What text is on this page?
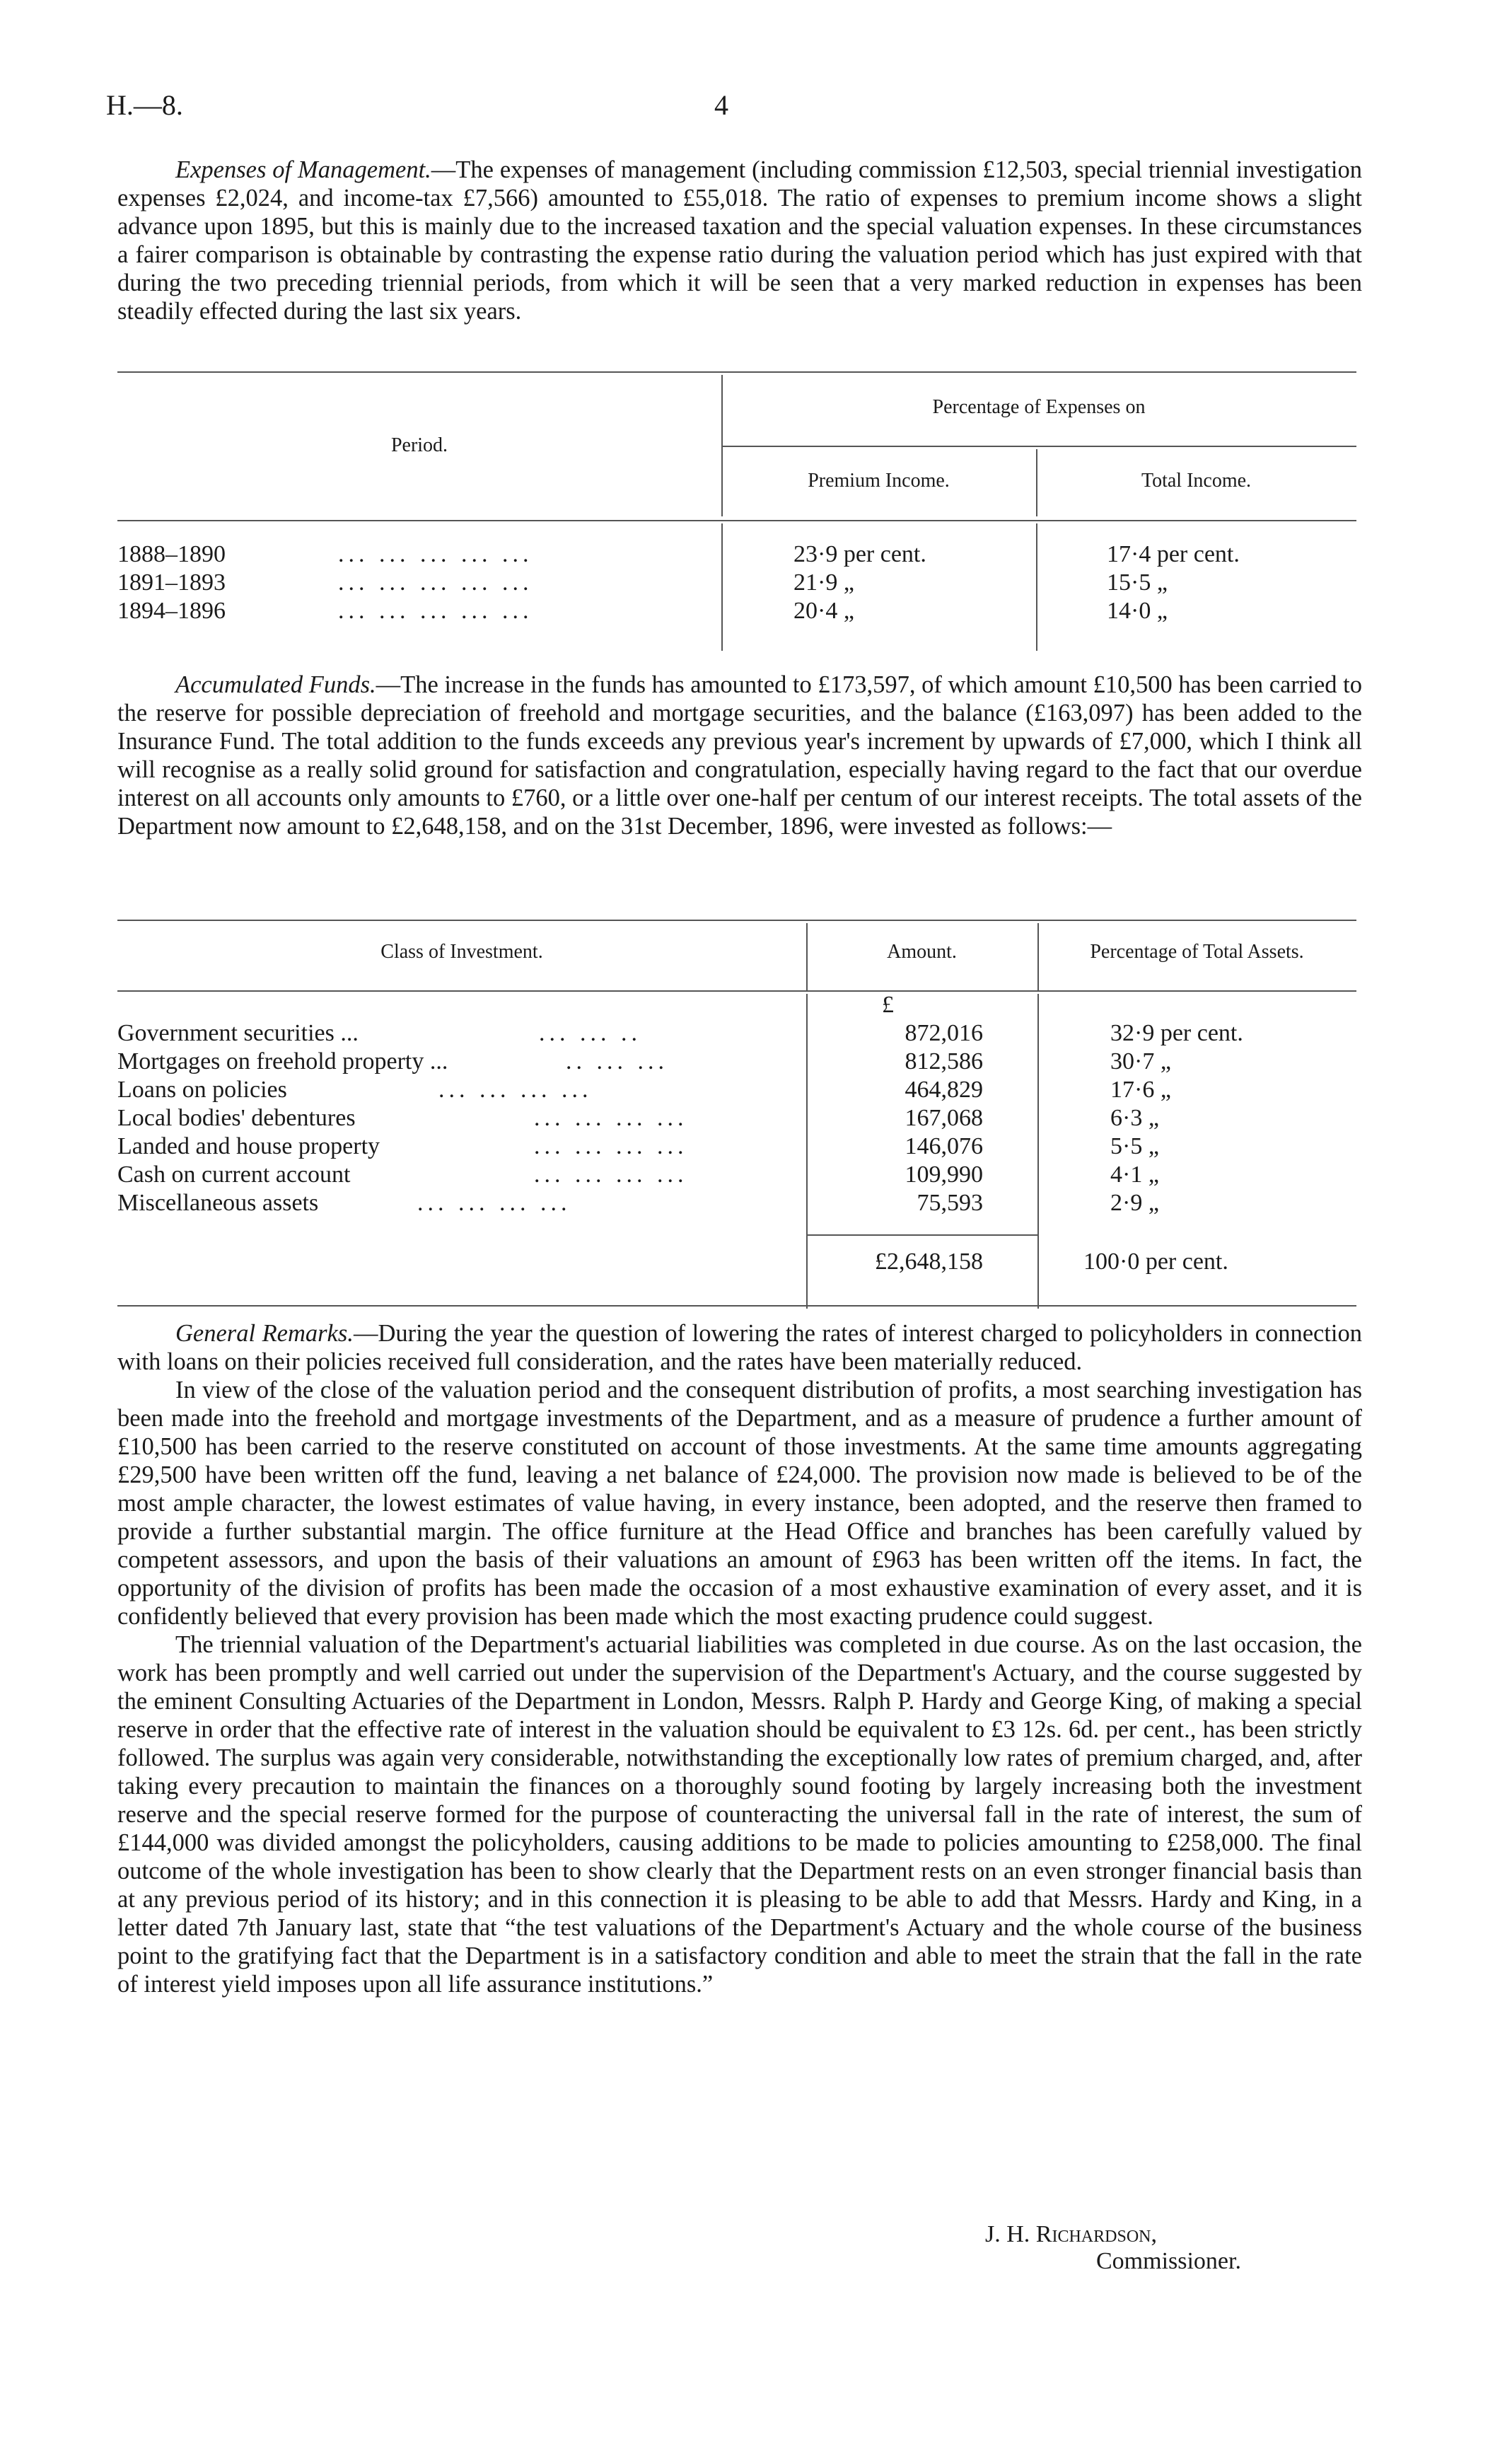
H.—8.	4

Expenses of Management.—The expenses of management (including commission £12,503, special triennial investigation expenses £2,024, and income-tax £7,566) amounted to £55,018. The ratio of expenses to premium income shows a slight advance upon 1895, but this is mainly due to the increased taxation and the special valuation expenses. In these circumstances a fairer comparison is obtainable by contrasting the expense ratio during the valuation period which has just expired with that during the two preceding triennial periods, from which it will be seen that a very marked reduction in expenses has been steadily effected during the last six years.

Period.
Percentage of Expenses on
Premium Income.	Total Income.
1888–1890	... ... ... ... ...	23·9 per cent.	17·4 per cent.
1891–1893	... ... ... ... ...	21·9 „	15·5 „
1894–1896	... ... ... ... ...	20·4 „	14·0 „

Accumulated Funds.—The increase in the funds has amounted to £173,597, of which amount £10,500 has been carried to the reserve for possible depreciation of freehold and mortgage securities, and the balance (£163,097) has been added to the Insurance Fund. The total addition to the funds exceeds any previous year's increment by upwards of £7,000, which I think all will recognise as a really solid ground for satisfaction and congratulation, especially having regard to the fact that our overdue interest on all accounts only amounts to £760, or a little over one-half per centum of our interest receipts. The total assets of the Department now amount to £2,648,158, and on the 31st December, 1896, were invested as follows:—

Class of Investment.	Amount.	Percentage of Total Assets.
£
Government securities ...	... ... ..	872,016	32·9 per cent.
Mortgages on freehold property ...	.. ... ...	812,586	30·7 „
Loans on policies	... ... ... ...	464,829	17·6 „
Local bodies' debentures	... ... ... ...	167,068	6·3 „
Landed and house property	... ... ... ...	146,076	5·5 „
Cash on current account	... ... ... ...	109,990	4·1 „
Miscellaneous assets	... ... ... ...	75,593	2·9 „
£2,648,158	100·0 per cent.

General Remarks.—During the year the question of lowering the rates of interest charged to policyholders in connection with loans on their policies received full consideration, and the rates have been materially reduced.

In view of the close of the valuation period and the consequent distribution of profits, a most searching investigation has been made into the freehold and mortgage investments of the Department, and as a measure of prudence a further amount of £10,500 has been carried to the reserve constituted on account of those investments. At the same time amounts aggregating £29,500 have been written off the fund, leaving a net balance of £24,000. The provision now made is believed to be of the most ample character, the lowest estimates of value having, in every instance, been adopted, and the reserve then framed to provide a further substantial margin. The office furniture at the Head Office and branches has been carefully valued by competent assessors, and upon the basis of their valuations an amount of £963 has been written off the items. In fact, the opportunity of the division of profits has been made the occasion of a most exhaustive examination of every asset, and it is confidently believed that every provision has been made which the most exacting prudence could suggest.

The triennial valuation of the Department's actuarial liabilities was completed in due course. As on the last occasion, the work has been promptly and well carried out under the supervision of the Department's Actuary, and the course suggested by the eminent Consulting Actuaries of the Department in London, Messrs. Ralph P. Hardy and George King, of making a special reserve in order that the effective rate of interest in the valuation should be equivalent to £3 12s. 6d. per cent., has been strictly followed. The surplus was again very considerable, notwithstanding the exceptionally low rates of premium charged, and, after taking every precaution to maintain the finances on a thoroughly sound footing by largely increasing both the investment reserve and the special reserve formed for the purpose of counteracting the universal fall in the rate of interest, the sum of £144,000 was divided amongst the policyholders, causing additions to be made to policies amounting to £258,000. The final outcome of the whole investigation has been to show clearly that the Department rests on an even stronger financial basis than at any previous period of its history; and in this connection it is pleasing to be able to add that Messrs. Hardy and King, in a letter dated 7th January last, state that “the test valuations of the Department's Actuary and the whole course of the business point to the gratifying fact that the Department is in a satisfactory condition and able to meet the strain that the fall in the rate of interest yield imposes upon all life assurance institutions.”

J. H. Richardson,
Commissioner.
